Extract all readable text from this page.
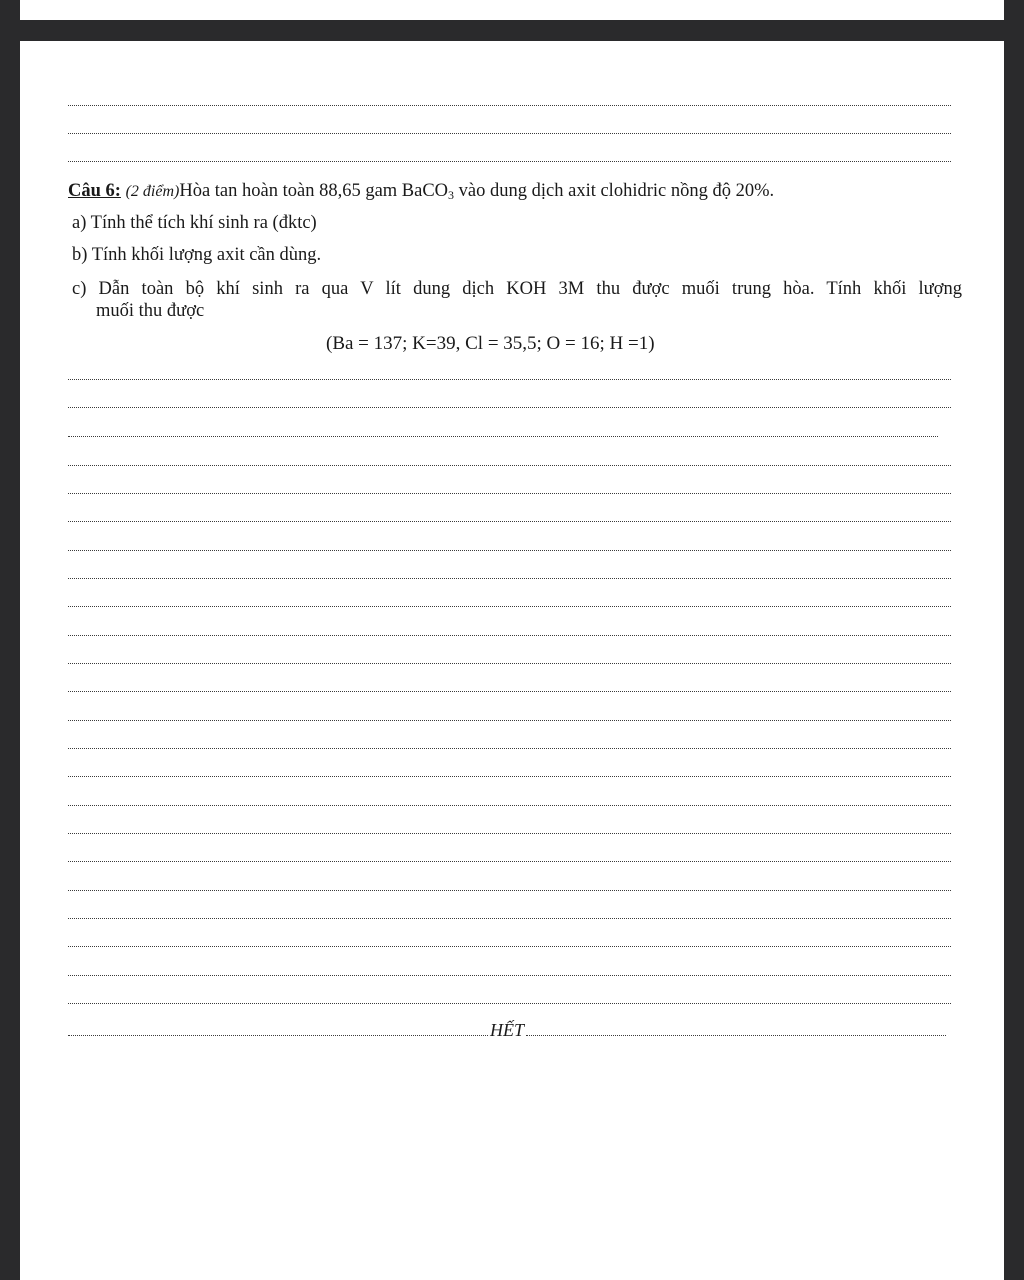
Câu 6: (2 điểm)Hòa tan hoàn toàn 88,65 gam BaCO$_3$ vào dung dịch axit clohidric nồng độ 20%.
a) Tính thể tích khí sinh ra (đktc)
b) Tính khối lượng axit cần dùng.
c) Dẫn toàn bộ khí sinh ra qua V lít dung dịch KOH 3M thu được muối trung hòa. Tính khối lượng
muối thu được
(Ba = 137; K=39, Cl = 35,5; O = 16; H =1)
HẾT
